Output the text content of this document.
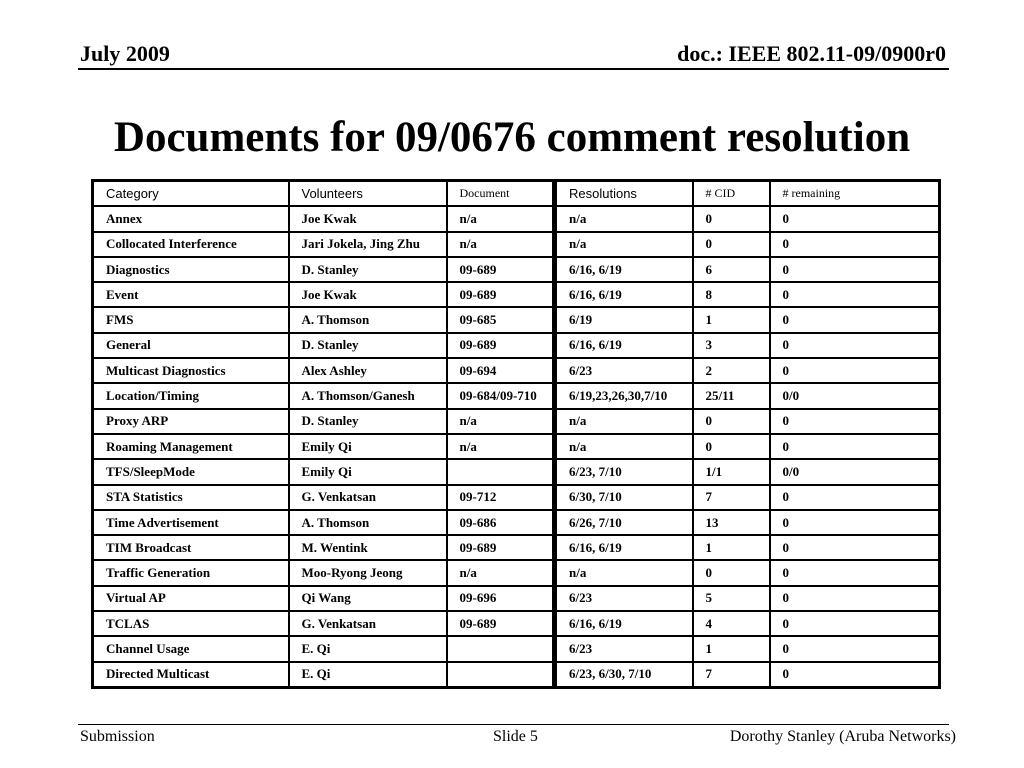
July 2009	doc.: IEEE 802.11-09/0900r0
Documents for 09/0676 comment resolution
Category	Volunteers	Document	Resolutions	# CID	# remaining
Annex	Joe Kwak	n/a	n/a	0	0
Collocated Interference	Jari Jokela, Jing Zhu	n/a	n/a	0	0
Diagnostics	D. Stanley	09-689	6/16, 6/19	6	0
Event	Joe Kwak	09-689	6/16, 6/19	8	0
FMS	A. Thomson	09-685	6/19	1	0
General	D. Stanley	09-689	6/16, 6/19	3	0
Multicast Diagnostics	Alex Ashley	09-694	6/23	2	0
Location/Timing	A. Thomson/Ganesh	09-684/09-710	6/19,23,26,30,7/10	25/11	0/0
Proxy ARP	D. Stanley	n/a	n/a	0	0
Roaming Management	Emily Qi	n/a	n/a	0	0
TFS/SleepMode	Emily Qi		6/23, 7/10	1/1	0/0
STA Statistics	G. Venkatsan	09-712	6/30, 7/10	7	0
Time Advertisement	A. Thomson	09-686	6/26, 7/10	13	0
TIM Broadcast	M. Wentink	09-689	6/16, 6/19	1	0
Traffic Generation	Moo-Ryong Jeong	n/a	n/a	0	0
Virtual AP	Qi Wang	09-696	6/23	5	0
TCLAS	G. Venkatsan	09-689	6/16, 6/19	4	0
Channel Usage	E. Qi		6/23	1	0
Directed Multicast	E. Qi		6/23, 6/30, 7/10	7	0
Submission	Slide 5	Dorothy Stanley (Aruba Networks)
